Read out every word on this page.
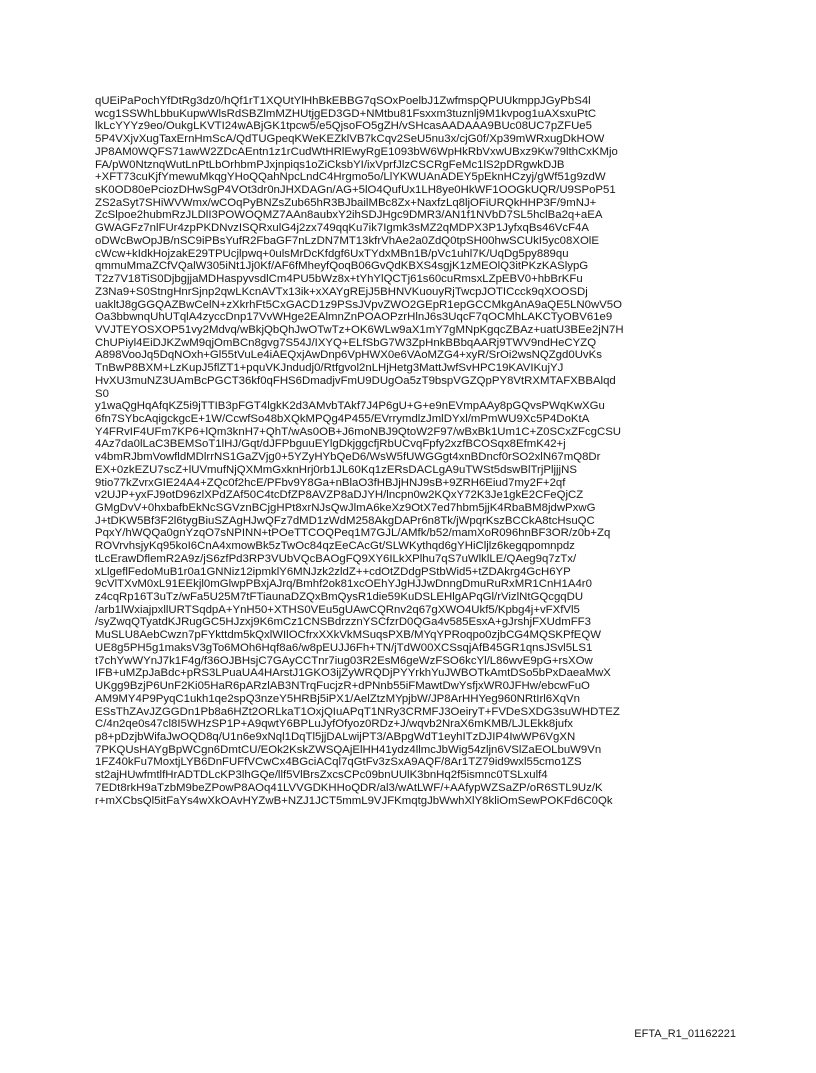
qUEiPaPochYfDtRg3dz0/hQf1rT1XQUtYlHhBkEBBG7qSOxPoelbJ1ZwfmspQPUUkmppJGyPbS4l
wcg1SSWhLbbuKupwWlsRdSBZlmMZHUtjgED3GD+NMtbu81Fsxxm3tuznlj9M1kvpog1uAXsxuPtC
lkLcYYYz9eo/OukgLKVTI24wABjGK1tpcw5/e5QjsoFO5gZH/vSHcasAADAAA9BUc08UC7pZFUe5
5P4VXjvXugTaxErnHmScA/QdTUGpeqKWeKEZklVB7kCqv2SeU5nu3x/cjG0f/Xp39mWRxugDkHOW
JP8AM0WQFS71awW2ZDcAEntn1z1rCudWtHRlEwyRgE1093bW6WpHkRbVxwUBxz9Kw79lthCxKMjo
FA/pW0NtznqWutLnPtLbOrhbmPJxjnpiqs1oZiCksbYI/ixVprfJlzCSCRgFeMc1lS2pDRgwkDJB
+XFT73cuKjfYmewuMkqgYHoQQahNpcLndC4Hrgmo5o/LlYKWUAnADEY5pEknHCzyj/gWf51g9zdW
sK0OD80ePciozDHwSgP4VOt3dr0nJHXDAGn/AG+5lO4QufUx1LH8ye0HkWF1OOGkUQR/U9SPoP51
ZS2aSyt7SHiWVWmx/wCOqPyBNZsZub65hR3BJbailMBc8Zx+NaxfzLq8ljOFiURQkHHP3F/9mNJ+
ZcSlpoe2hubmRzJLDlI3POWOQMZ7AAn8aubxY2ihSDJHgc9DMR3/AN1f1NVbD7SL5hclBa2q+aEA
GWAGFz7nlFUr4zpPKDNvzISQRxulG4j2zx749qqKu7ik7Igmk3sMZ2qMDPX3P1JyfxqBs46VcF4A
oDWcBwOpJB/nSC9iPBsYufR2FbaGF7nLzDN7MT13kfrVhAe2a0ZdQ0tpSH00hwSCUkI5yc08XOlE
cWcw+kIdkHojzakE29TPUcjlpwq+0ulsMrDcKfdgf6UxTYdxMBn1B/pVc1uhl7K/UqDg5py889qu
qmmuMmaZCfVQalW305iNt1Jj0Kf/AF6fMheyfQoqB06GvQdKBXS4sgjK1zMEOlQ3itPKzKASlypG
T2z7V18TiS0DjbgjjaMDHaspyvsdlCm4PU5bWz8x+tYhYlQCTj61s60cuRmsxLZpEBV0+hbBrKFu
Z3Na9+S0StngHnrSjnp2qwLKcnAVTx13ik+xXAYgREjJ5BHNVKuouyRjTwcpJOTICcck9qXOOSDj
uakltJ8gGGQAZBwCelN+zXkrhFt5CxGACD1z9PSsJVpvZWO2GEpR1epGCCMkgAnA9aQE5LN0wV5O
Oa3bbwnqUhUTqlA4zyccDnp17VvWHge2EAlmnZnPOAOPzrHlnJ6s3UqcF7qOCMhLAKCTyOBV61e9
VVJTEYOSXOP51vy2Mdvq/wBkjQbQhJwOTwTz+OK6WLw9aX1mY7gMNpKgqcZBAz+uatU3BEe2jN7H
ChUPiyl4EiDJKZwM9qjOmBCn8gvg7S54J/IXYQ+ELfSbG7W3ZpHnkBBbqAARj9TWV9ndHeCYZQ
A898VooJq5DqNOxh+Gl55tVuLe4iAEQxjAwDnp6VpHWX0e6VAoMZG4+xyR/SrOi2wsNQZgd0UvKs
TnBwP8BXM+LzKupJ5flZT1+pquVKJndudj0/Rtfgvol2nLHjHetg3MattJwfSvHPC19KAVIKujYJ
HvXU3muNZ3UAmBcPGCT36kf0qFHS6DmadjvFmU9DUgOa5zT9bspVGZQpPY8VtRXMTAFXBBAlqd
S0
y1waQgHqAfqKZ5i9jTTIB3pFGT4lgkK2d3AMvbTAkf7J4P6gU+G+e9nEVmpAAy8pGQvsPWqKwXGu
6fn7SYbcAqigckgcE+1W/CcwfSo48bXQkMPQg4P455/EVrrymdlzJmlDYxl/mPmWU9Xc5P4DoKtA
Y4FRvIF4UFm7KP6+lQm3knH7+QhT/wAs0OB+J6moNBJ9QtoW2F97/wBxBk1Um1C+Z0SCxZFcgCSU
4Az7da0lLaC3BEMSoT1lHJ/Gqt/dJFPbguuEYlgDkjggcfjRbUCvqFpfy2xzfBCOSqx8EfmK42+j
v4bmRJbmVowfldMDlrrNS1GaZVjg0+5YZyHYbQeD6/WsW5fUWGGgt4xnBDncf0rSO2xlN67mQ8Dr
EX+0zkEZU7scZ+lUVmufNjQXMmGxknHrj0rb1JL60Kq1zERsDACLgA9uTWSt5dswBlTrjPljjjNS
9tio77kZvrxGIE24A4+ZQc0f2hcE/PFbv9Y8Ga+nBlaO3fHBJjHNJ9sB+9ZRH6Eiud7my2F+2qf
v2UJP+yxFJ9otD96zlXPdZAf50C4tcDfZP8AVZP8aDJYH/lncpn0w2KQxY72K3Je1gkE2CFeQjCZ
GMgDvV+0hxbafbEkNcSGVznBCjgHPt8xrNJsQwJlmA6keXz9OtX7ed7hbm5jjK4RbaBM8jdwPxwG
J+tDKW5Bf3F2l6tygBiuSZAgHJwQFz7dMD1zWdM258AkgDAPr6n8Tk/jWpqrKszBCCkA8tcHsuQC
PqxY/hWQQa0gnYzqO7sNPINN+tPOeTTCOQPeq1M7GJL/AMfk/b52/mamXoR096hnBF3OR/z0b+Zq
ROVrvhsjyKq95koI6CnA4xmowBk5zTwOc84qzEeCAcGt/SLWKythqd6gYHiCljlz6kegqpomnpdz
tLcErawDflemR2A9z/jS6zfPd3RP3VUbVQcBAOgFQ9XY6ILkXPlhu7qS7uWlklLE/QAeg9q7zTx/
xLlgeflFedoMuB1r0a1GNNiz12ipmklY6MNJzk2zldZ++cdOtZDdgPStbWid5+tZDAkrg4GcH6YP
9cVlTXvM0xL91EEkjl0mGlwpPBxjAJrq/Bmhf2ok81xcOEhYJgHJJwDnngDmuRuRxMR1CnH1A4r0
z4cqRp16T3uTz/wFa5U25M7tFTiaunaDZQxBmQysR1die59KuDSLEHlgAPqGl/rVizlNtGQcgqDU
/arb1lWxiajpxllURTSqdpA+YnH50+XTHS0VEu5gUAwCQRnv2q67gXWO4Ukf5/Kpbg4j+vFXfVl5
/syZwqQTyatdKJRugGC5HJzxj9K6mCz1CNSBdrzznYSCfzrD0QGa4v585EsxA+gJrshjFXUdmFF3
MuSLU8AebCwzn7pFYkttdm5kQxlWIlOCfrxXXkVkMSuqsPXB/MYqYPRoqpo0zjbCG4MQSKPfEQW
UE8g5PH5g1maksV3gTo6MOh6Hqf8a6/w8pEUJJ6Fh+TN/jTdW00XCSsqjAfB45GR1qnsJSvl5LS1
t7chYwWYnJ7k1F4g/f36OJBHsjC7GAyCCTnr7iug03R2EsM6geWzFSO6kcYl/L86wvE9pG+rsXOw
IFB+uMZpJaBdc+pRS3LPuaUA4HArstJ1GKO3ijZyWRQDjPYYrkhYuJWBOTkAmtDSo5bPxDaeaMwX
UKgg9BzjP6UnF2Ki05HaR6pARzlAB3NTrqFucjzR+dPNnb55iFMawtDwYsfjxWR0JFHw/ebcwFuO
AM9MY4P9PyqC1ukh1qe2spQ3nzeY5HRBj5iPX1/AelZtzMYpjbW/JP8ArHHYeg960NRtIrl6XqVn
ESsThZAvJZGGDn1Pb8a6HZt2ORLkaT1OxjQIuAPqT1NRy3CRMFJ3OeiryT+FVDeSXDG3suWHDTEZ
C/4n2qe0s47cl8I5WHzSP1P+A9qwtY6BPLuJyfOfyoz0RDz+J/wqvb2NraX6mKMB/LJLEkk8jufx
p8+pDzjbWifaJwOQD8q/U1n6e9xNql1DqTl5jjDALwijPT3/ABpgWdT1eyhITzDJIP4IwWP6VgXN
7PKQUsHAYgBpWCgn6DmtCU/EOk2KskZWSQAjElHH41ydz4llmcJbWig54zljn6VSlZaEOLbuW9Vn
1FZ40kFu7MoxtjLYB6DnFUFfVCwCx4BGciACql7qGtFv3zSxA9AQF/8Ar1TZ79id9wxl55cmo1ZS
st2ajHUwfmtlfHrADTDLcKP3lhGQe/llf5VlBrsZxcsCPc09bnUUlK3bnHq2f5ismnc0TSLxulf4
7EDt8rkH9aTzbM9beZPowP8AOq41LVVGDKHHoQDR/al3/wAtLWF/+AAfypWZSaZP/oR6STL9Uz/K
r+mXCbsQl5itFaYs4wXkOAvHYZwB+NZJ1JCT5mmL9VJFKmqtgJbWwhXlY8kliOmSewPOKFd6C0Qk
EFTA_R1_01162221
